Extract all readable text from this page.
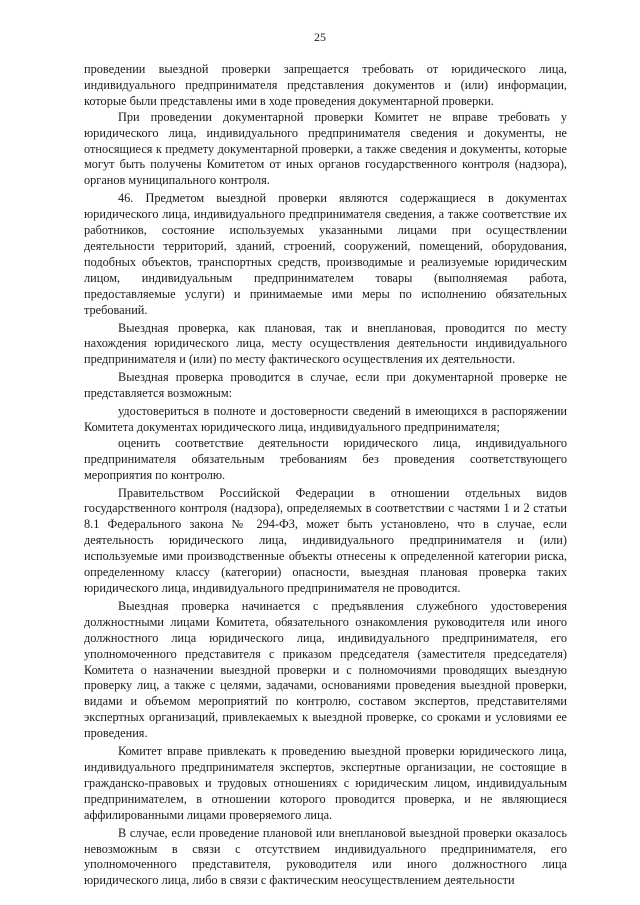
25

проведении выездной проверки запрещается требовать от юридического лица, индивидуального предпринимателя представления документов и (или) информации, которые были представлены ими в ходе проведения документарной проверки.

При проведении документарной проверки Комитет не вправе требовать у юридического лица, индивидуального предпринимателя сведения и документы, не относящиеся к предмету документарной проверки, а также сведения и документы, которые могут быть получены Комитетом от иных органов государственного контроля (надзора), органов муниципального контроля.

46. Предметом выездной проверки являются содержащиеся в документах юридического лица, индивидуального предпринимателя сведения, а также соответствие их работников, состояние используемых указанными лицами при осуществлении деятельности территорий, зданий, строений, сооружений, помещений, оборудования, подобных объектов, транспортных средств, производимые и реализуемые юридическим лицом, индивидуальным предпринимателем товары (выполняемая работа, предоставляемые услуги) и принимаемые ими меры по исполнению обязательных требований.

Выездная проверка, как плановая, так и внеплановая, проводится по месту нахождения юридического лица, месту осуществления деятельности индивидуального предпринимателя и (или) по месту фактического осуществления их деятельности.

Выездная проверка проводится в случае, если при документарной проверке не представляется возможным:

удостовериться в полноте и достоверности сведений в имеющихся в распоряжении Комитета документах юридического лица, индивидуального предпринимателя;

оценить соответствие деятельности юридического лица, индивидуального предпринимателя обязательным требованиям без проведения соответствующего мероприятия по контролю.

Правительством Российской Федерации в отношении отдельных видов государственного контроля (надзора), определяемых в соответствии с частями 1 и 2 статьи 8.1 Федерального закона № 294-ФЗ, может быть установлено, что в случае, если деятельность юридического лица, индивидуального предпринимателя и (или) используемые ими производственные объекты отнесены к определенной категории риска, определенному классу (категории) опасности, выездная плановая проверка таких юридического лица, индивидуального предпринимателя не проводится.

Выездная проверка начинается с предъявления служебного удостоверения должностными лицами Комитета, обязательного ознакомления руководителя или иного должностного лица юридического лица, индивидуального предпринимателя, его уполномоченного представителя с приказом председателя (заместителя председателя) Комитета о назначении выездной проверки и с полномочиями проводящих выездную проверку лиц, а также с целями, задачами, основаниями проведения выездной проверки, видами и объемом мероприятий по контролю, составом экспертов, представителями экспертных организаций, привлекаемых к выездной проверке, со сроками и условиями ее проведения.

Комитет вправе привлекать к проведению выездной проверки юридического лица, индивидуального предпринимателя экспертов, экспертные организации, не состоящие в гражданско-правовых и трудовых отношениях с юридическим лицом, индивидуальным предпринимателем, в отношении которого проводится проверка, и не являющиеся аффилированными лицами проверяемого лица.

В случае, если проведение плановой или внеплановой выездной проверки оказалось невозможным в связи с отсутствием индивидуального предпринимателя, его уполномоченного представителя, руководителя или иного должностного лица юридического лица, либо в связи с фактическим неосуществлением деятельности
